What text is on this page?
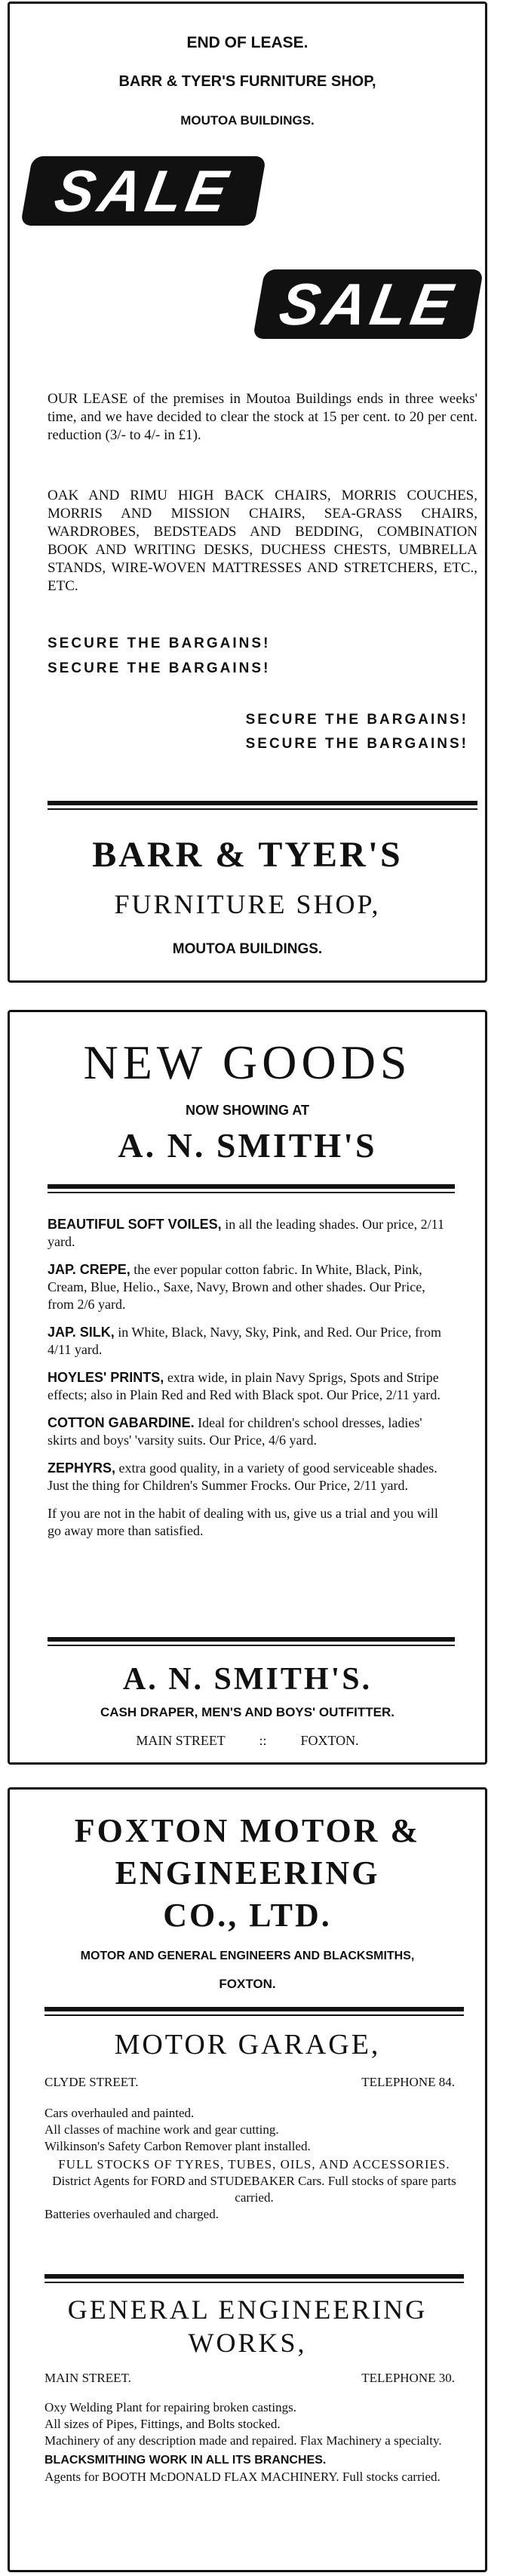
END OF LEASE.
BARR & TYER'S FURNITURE SHOP,
MOUTOA BUILDINGS.
SALE
SALE
OUR LEASE of the premises in Moutoa Buildings ends in three weeks' time, and we have decided to clear the stock at 15 per cent. to 20 per cent. reduction (3/- to 4/- in £1).
OAK AND RIMU HIGH BACK CHAIRS, MORRIS COUCHES, MORRIS AND MISSION CHAIRS, SEA-GRASS CHAIRS, WARDROBES, BEDSTEADS AND BEDDING, COMBINATION BOOK AND WRITING DESKS, DUCHESS CHESTS, UMBRELLA STANDS, WIRE-WOVEN MATTRESSES AND STRETCHERS, ETC., ETC.
SECURE THE BARGAINS!
SECURE THE BARGAINS!
SECURE THE BARGAINS!
SECURE THE BARGAINS!
BARR & TYER'S
FURNITURE SHOP,
MOUTOA BUILDINGS.
NEW GOODS
NOW SHOWING AT
A. N. SMITH'S
BEAUTIFUL SOFT VOILES, in all the leading shades. Our price, 2/11 yard.
JAP. CREPE, the ever popular cotton fabric. In White, Black, Pink, Cream, Blue, Helio., Saxe, Navy, Brown and other shades. Our Price, from 2/6 yard.
JAP. SILK, in White, Black, Navy, Sky, Pink, and Red. Our Price, from 4/11 yard.
HOYLES' PRINTS, extra wide, in plain Navy Sprigs, Spots and Stripe effects; also in Plain Red and Red with Black spot. Our Price, 2/11 yard.
COTTON GABARDINE. Ideal for children's school dresses, ladies' skirts and boys' 'varsity suits. Our Price, 4/6 yard.
ZEPHYRS, extra good quality, in a variety of good serviceable shades. Just the thing for Children's Summer Frocks. Our Price, 2/11 yard.
If you are not in the habit of dealing with us, give us a trial and you will go away more than satisfied.
A. N. SMITH'S.
CASH DRAPER, MEN'S AND BOYS' OUTFITTER.
MAIN STREET	::	FOXTON.
FOXTON MOTOR &
ENGINEERING
CO., LTD.
MOTOR AND GENERAL ENGINEERS AND BLACKSMITHS,
FOXTON.
MOTOR GARAGE,
CLYDE STREET.	TELEPHONE 84.
Cars overhauled and painted.
All classes of machine work and gear cutting.
Wilkinson's Safety Carbon Remover plant installed.
FULL STOCKS OF TYRES, TUBES, OILS, AND ACCESSORIES.
District Agents for FORD and STUDEBAKER Cars. Full stocks of spare parts carried.
Batteries overhauled and charged.
GENERAL ENGINEERING
WORKS,
MAIN STREET.	TELEPHONE 30.
Oxy Welding Plant for repairing broken castings.
All sizes of Pipes, Fittings, and Bolts stocked.
Machinery of any description made and repaired. Flax Machinery a specialty.
BLACKSMITHING WORK IN ALL ITS BRANCHES.
Agents for BOOTH McDONALD FLAX MACHINERY. Full stocks carried.
